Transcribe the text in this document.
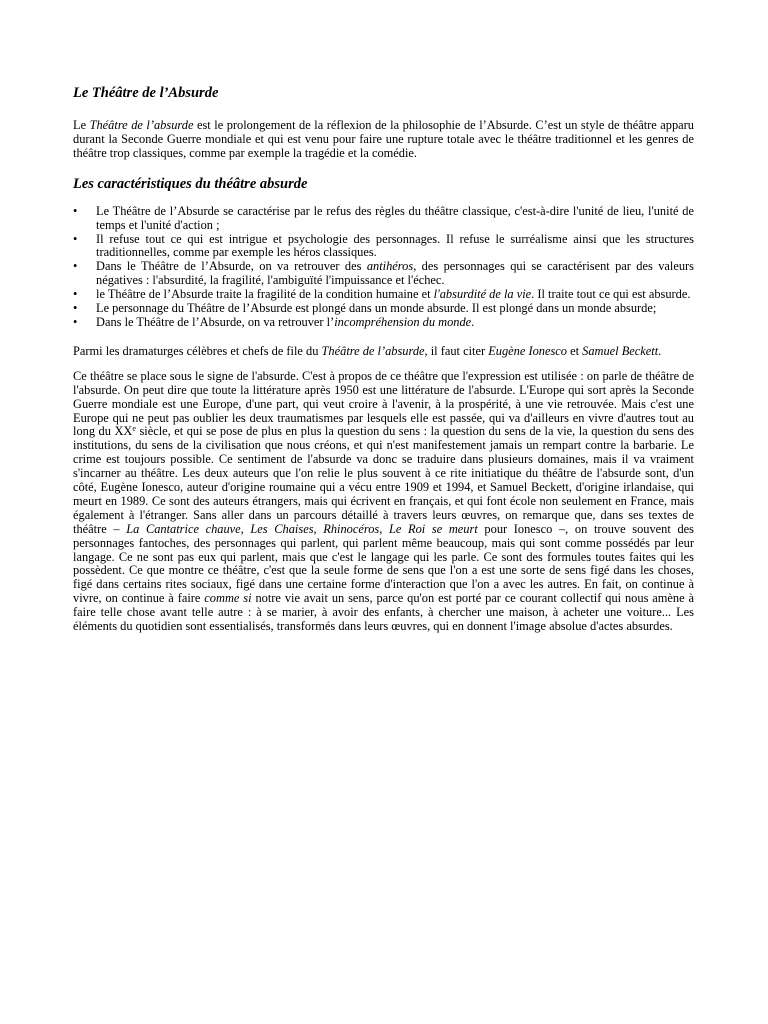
Le Théâtre de l’Absurde

Le Théâtre de l’absurde est le prolongement de la réflexion de la philosophie de l’Absurde. C’est un style de théâtre apparu durant la Seconde Guerre mondiale et qui est venu pour faire une rupture totale avec le théâtre traditionnel et les genres de théâtre trop classiques, comme par exemple la tragédie et la comédie.

Les caractéristiques du théâtre absurde
• Le Théâtre de l’Absurde se caractérise par le refus des règles du théâtre classique, c'est-à-dire l'unité de lieu, l'unité de temps et l'unité d'action ;
• Il refuse tout ce qui est intrigue et psychologie des personnages. Il refuse le surréalisme ainsi que les structures traditionnelles, comme par exemple les héros classiques.
• Dans le Théâtre de l’Absurde, on va retrouver des antihéros, des personnages qui se caractérisent par des valeurs négatives : l'absurdité, la fragilité, l'ambiguïté l'impuissance et l'échec.
• le Théâtre de l’Absurde traite la fragilité de la condition humaine et l'absurdité de la vie. Il traite tout ce qui est absurde.
• Le personnage du Théâtre de l’Absurde est plongé dans un monde absurde. Il est plongé dans un monde absurde;
• Dans le Théâtre de l’Absurde, on va retrouver l’incompréhension du monde.

Parmi les dramaturges célèbres et chefs de file du Théâtre de l’absurde, il faut citer Eugène Ionesco et Samuel Beckett.

Ce théâtre se place sous le signe de l'absurde. C'est à propos de ce théâtre que l'expression est utilisée : on parle de théâtre de l'absurde. On peut dire que toute la littérature après 1950 est une littérature de l'absurde. L'Europe qui sort après la Seconde Guerre mondiale est une Europe, d'une part, qui veut croire à l'avenir, à la prospérité, à une vie retrouvée. Mais c'est une Europe qui ne peut pas oublier les deux traumatismes par lesquels elle est passée, qui va d'ailleurs en vivre d'autres tout au long du XXe siècle, et qui se pose de plus en plus la question du sens : la question du sens de la vie, la question du sens des institutions, du sens de la civilisation que nous créons, et qui n'est manifestement jamais un rempart contre la barbarie. Le crime est toujours possible. Ce sentiment de l'absurde va donc se traduire dans plusieurs domaines, mais il va vraiment s'incarner au théâtre. Les deux auteurs que l'on relie le plus souvent à ce rite initiatique du théâtre de l'absurde sont, d'un côté, Eugène Ionesco, auteur d'origine roumaine qui a vécu entre 1909 et 1994, et Samuel Beckett, d'origine irlandaise, qui meurt en 1989. Ce sont des auteurs étrangers, mais qui écrivent en français, et qui font école non seulement en France, mais également à l'étranger. Sans aller dans un parcours détaillé à travers leurs œuvres, on remarque que, dans ses textes de théâtre – La Cantatrice chauve, Les Chaises, Rhinocéros, Le Roi se meurt pour Ionesco –, on trouve souvent des personnages fantoches, des personnages qui parlent, qui parlent même beaucoup, mais qui sont comme possédés par leur langage. Ce ne sont pas eux qui parlent, mais que c'est le langage qui les parle. Ce sont des formules toutes faites qui les possèdent. Ce que montre ce théâtre, c'est que la seule forme de sens que l'on a est une sorte de sens figé dans les choses, figé dans certains rites sociaux, figé dans une certaine forme d'interaction que l'on a avec les autres. En fait, on continue à vivre, on continue à faire comme si notre vie avait un sens, parce qu'on est porté par ce courant collectif qui nous amène à faire telle chose avant telle autre : à se marier, à avoir des enfants, à chercher une maison, à acheter une voiture... Les éléments du quotidien sont essentialisés, transformés dans leurs œuvres, qui en donnent l'image absolue d'actes absurdes.
